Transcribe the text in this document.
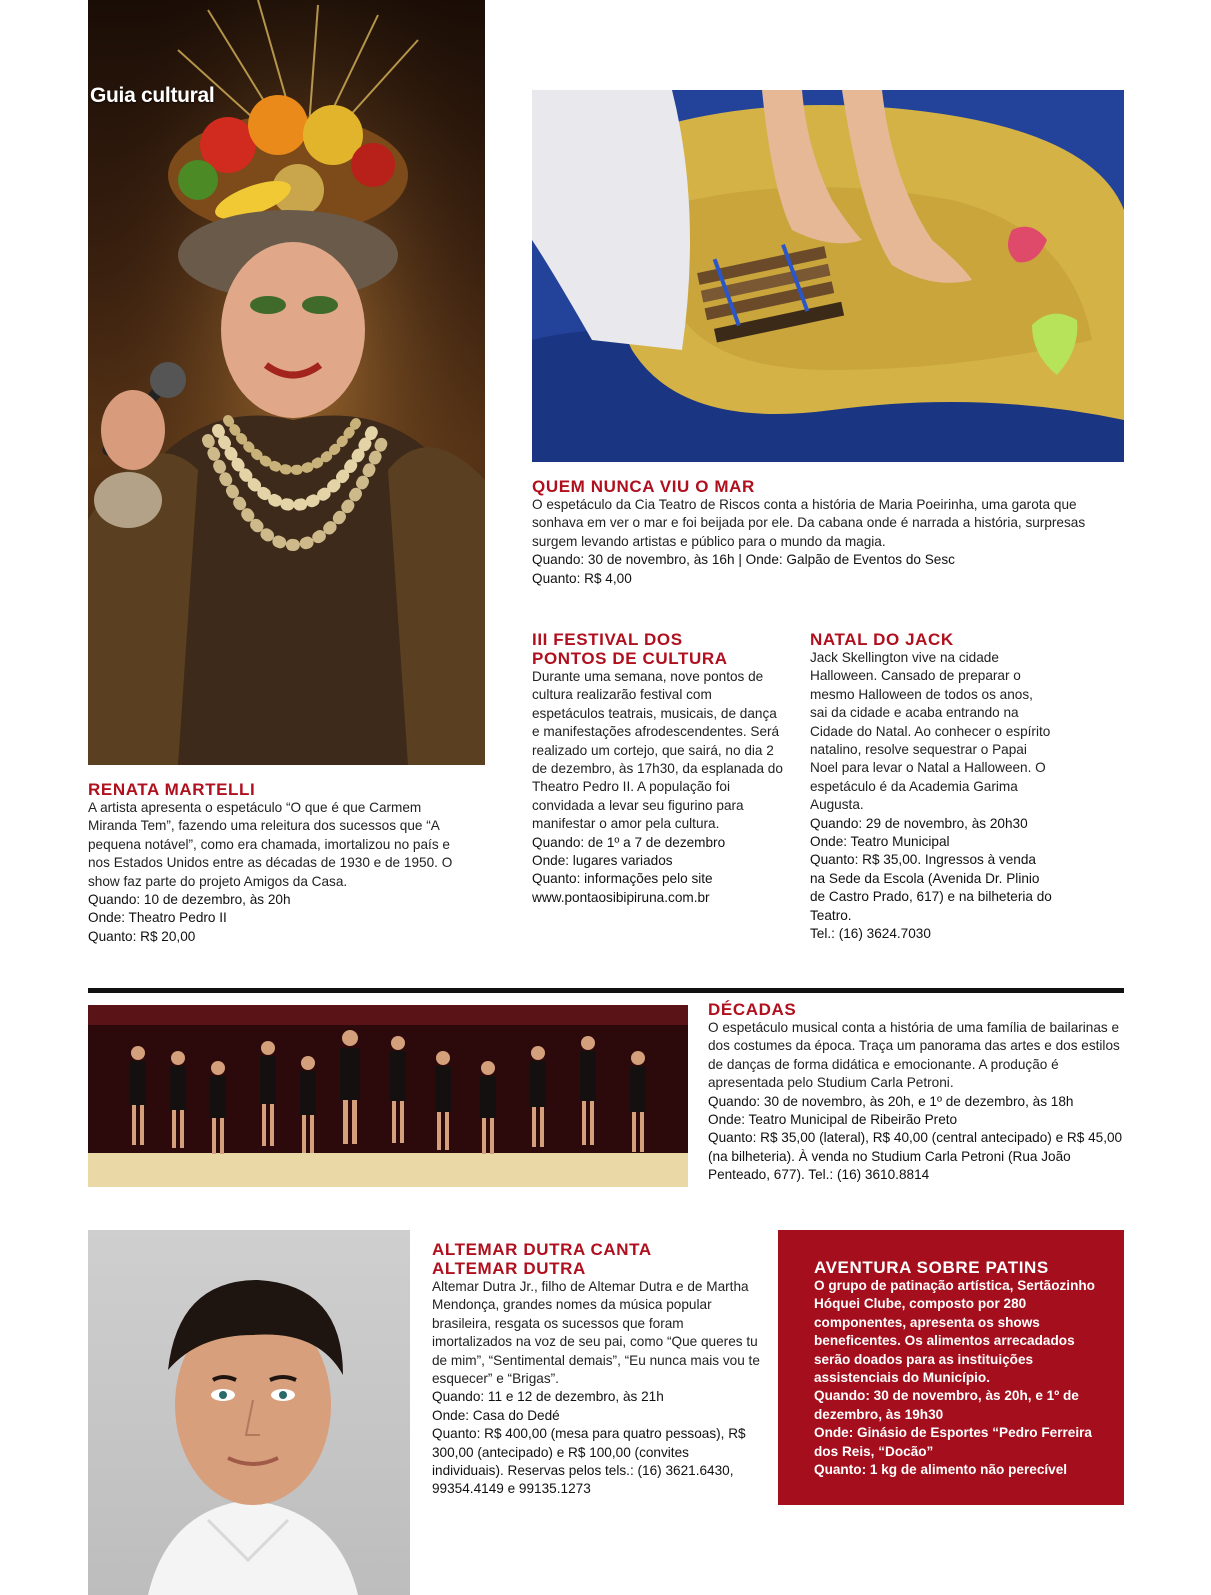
Guia cultural

QUEM NUNCA VIU O MAR

O espetáculo da Cia Teatro de Riscos conta a história de Maria Poeirinha, uma garota que sonhava em ver o mar e foi beijada por ele. Da cabana onde é narrada a história, surpresas surgem levando artistas e público para o mundo da magia.

Quando: 30 de novembro, às 16h | Onde: Galpão de Eventos do Sesc

Quanto: R$ 4,00

RENATA MARTELLI

A artista apresenta o espetáculo “O que é que Carmem Miranda Tem”, fazendo uma releitura dos sucessos que “A pequena notável”, como era chamada, imortalizou no país e nos Estados Unidos entre as décadas de 1930 e de 1950. O show faz parte do projeto Amigos da Casa.

Quando: 10 de dezembro, às 20h

Onde: Theatro Pedro II

Quanto: R$ 20,00

III FESTIVAL DOS

PONTOS DE CULTURA

Durante uma semana, nove pontos de cultura realizarão festival com espetáculos teatrais, musicais, de dança e manifestações afrodescendentes. Será realizado um cortejo, que sairá, no dia 2 de dezembro, às 17h30, da esplanada do Theatro Pedro II. A população foi convidada a levar seu figurino para manifestar o amor pela cultura.

Quando: de 1º a 7 de dezembro

Onde: lugares variados

Quanto: informações pelo site

www.pontaosibipiruna.com.br

NATAL DO JACK

Jack Skellington vive na cidade Halloween. Cansado de preparar o mesmo Halloween de todos os anos, sai da cidade e acaba entrando na Cidade do Natal. Ao conhecer o espírito natalino, resolve sequestrar o Papai Noel para levar o Natal a Halloween. O espetáculo é da Academia Garima Augusta.

Quando: 29 de novembro, às 20h30

Onde: Teatro Municipal

Quanto: R$ 35,00. Ingressos à venda na Sede da Escola (Avenida Dr. Plinio de Castro Prado, 617) e na bilheteria do Teatro.

Tel.: (16) 3624.7030

DÉCADAS

O espetáculo musical conta a história de uma família de bailarinas e dos costumes da época. Traça um panorama das artes e dos estilos de danças de forma didática e emocionante. A produção é apresentada pelo Studium Carla Petroni.

Quando: 30 de novembro, às 20h, e 1º de dezembro, às 18h

Onde: Teatro Municipal de Ribeirão Preto

Quanto: R$ 35,00 (lateral), R$ 40,00 (central antecipado) e R$ 45,00 (na bilheteria). À venda no Studium Carla Petroni (Rua João Penteado, 677). Tel.: (16) 3610.8814

ALTEMAR DUTRA CANTA

ALTEMAR DUTRA

Altemar Dutra Jr., filho de Altemar Dutra e de Martha Mendonça, grandes nomes da música popular brasileira, resgata os sucessos que foram imortalizados na voz de seu pai, como “Que queres tu de mim”, “Sentimental demais”, “Eu nunca mais vou te esquecer” e “Brigas”.

Quando: 11 e 12 de dezembro, às 21h

Onde: Casa do Dedé

Quanto: R$ 400,00 (mesa para quatro pessoas), R$ 300,00 (antecipado) e R$ 100,00 (convites individuais). Reservas pelos tels.: (16) 3621.6430, 99354.4149 e 99135.1273

AVENTURA SOBRE PATINS

O grupo de patinação artística, Sertãozinho Hóquei Clube, composto por 280 componentes, apresenta os shows beneficentes. Os alimentos arrecadados serão doados para as instituições assistenciais do Município.

Quando: 30 de novembro, às 20h, e 1º de dezembro, às 19h30

Onde: Ginásio de Esportes “Pedro Ferreira dos Reis, “Docão”

Quanto: 1 kg de alimento não perecível
